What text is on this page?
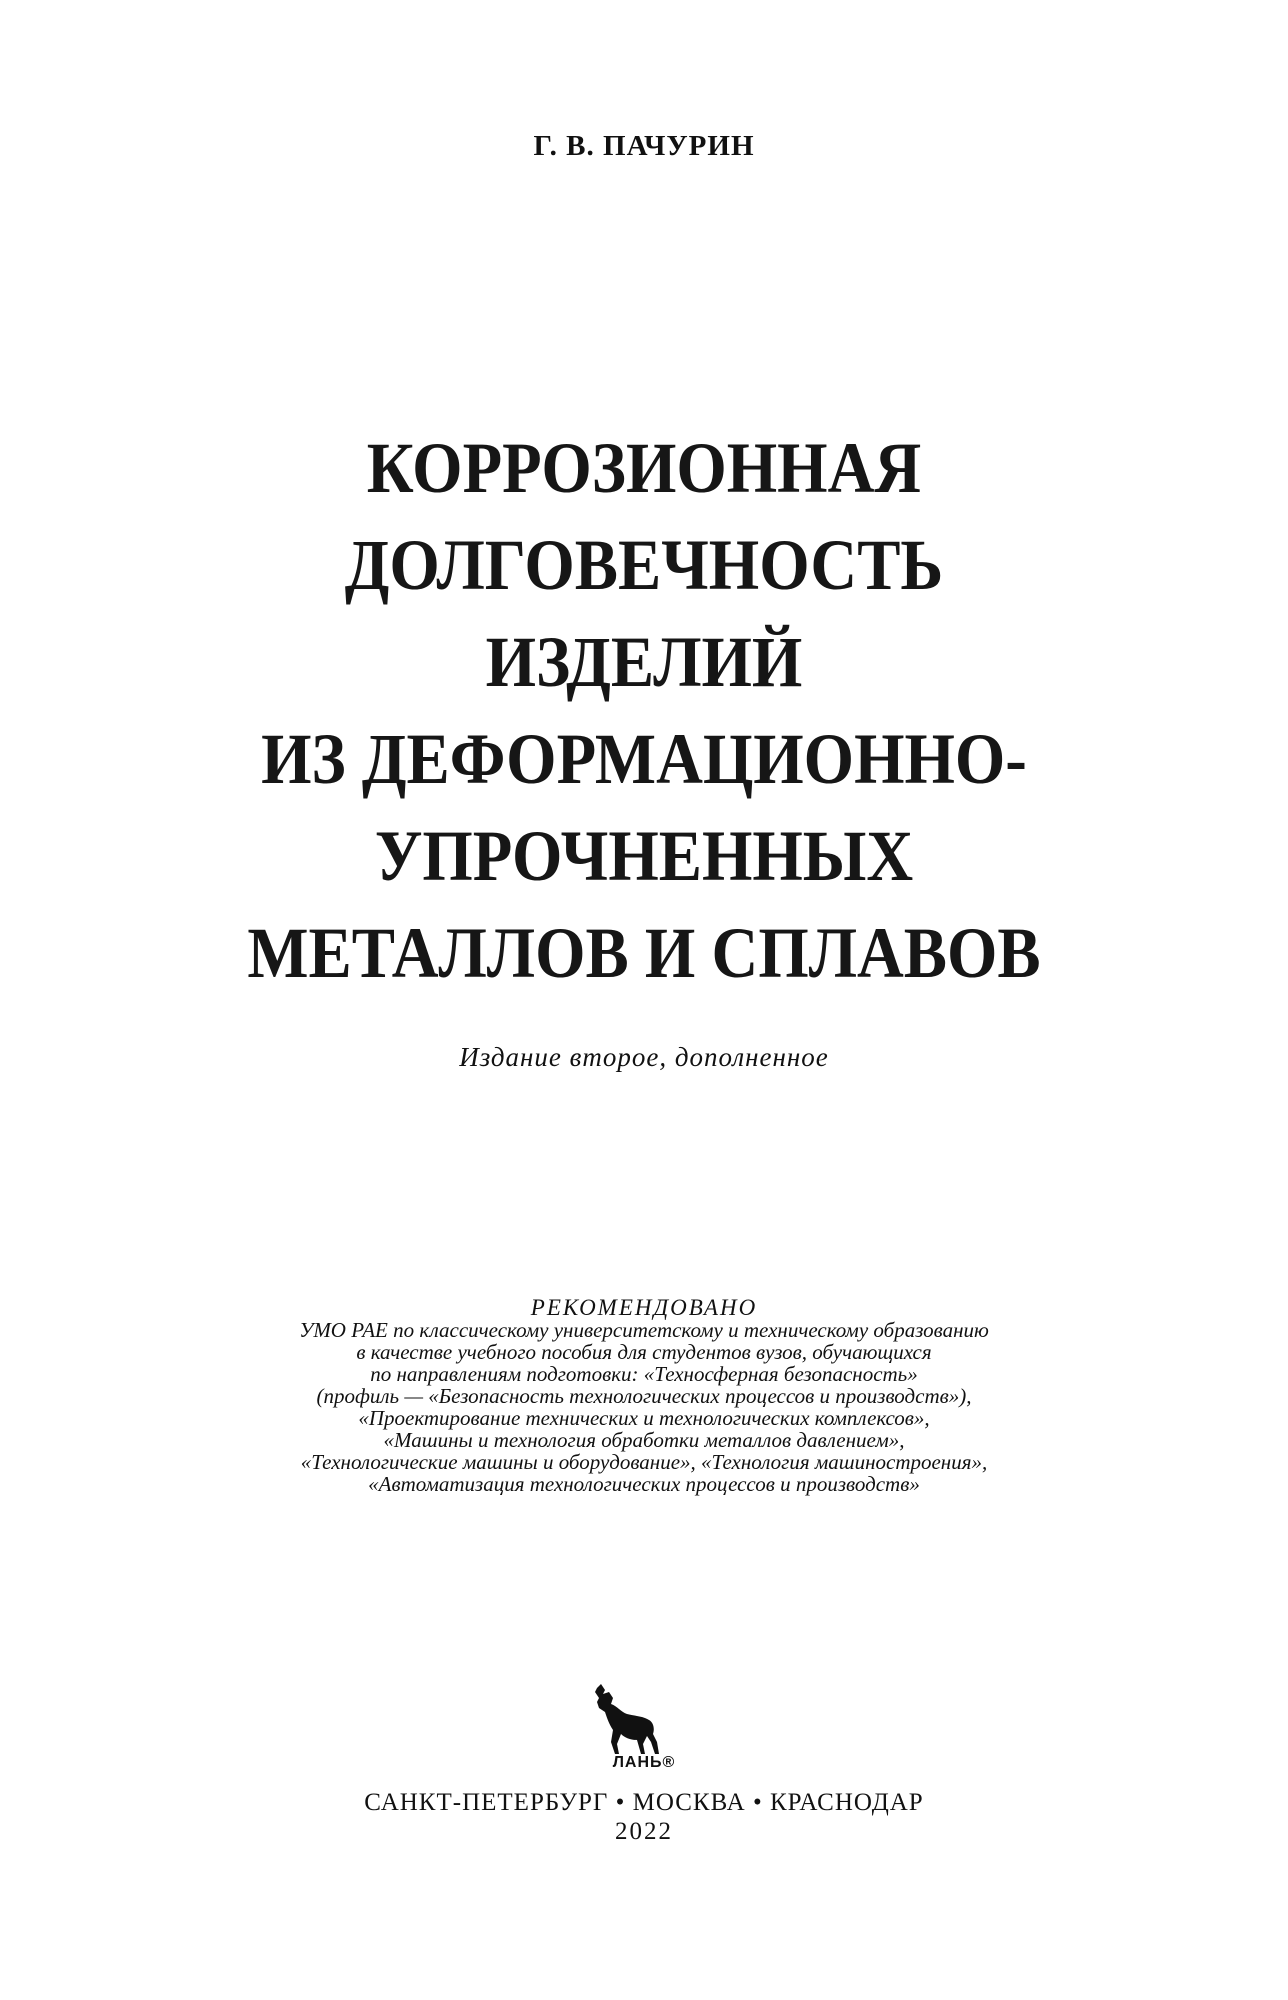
Г. В. ПАЧУРИН
КОРРОЗИОННАЯ
ДОЛГОВЕЧНОСТЬ
ИЗДЕЛИЙ
ИЗ ДЕФОРМАЦИОННО-
УПРОЧНЕННЫХ
МЕТАЛЛОВ И СПЛАВОВ
Издание второе, дополненное
РЕКОМЕНДОВАНО
УМО РАЕ по классическому университетскому и техническому образованию
в качестве учебного пособия для студентов вузов, обучающихся
по направлениям подготовки: «Техносферная безопасность»
(профиль — «Безопасность технологических процессов и производств»),
«Проектирование технических и технологических комплексов»,
«Машины и технология обработки металлов давлением»,
«Технологические машины и оборудование», «Технология машиностроения»,
«Автоматизация технологических процессов и производств»
ЛАНЬ®
САНКТ-ПЕТЕРБУРГ • МОСКВА • КРАСНОДАР
2022
